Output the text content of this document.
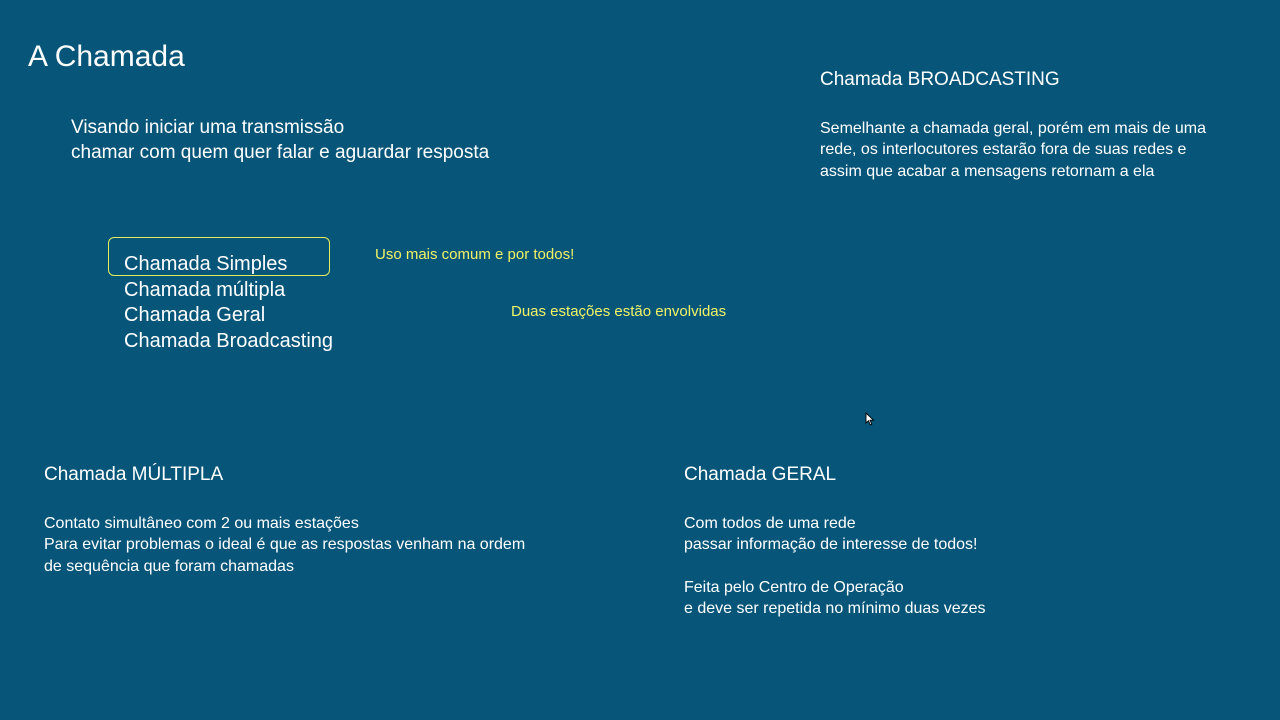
A Chamada
Visando iniciar uma transmissão
chamar com quem quer falar e aguardar resposta
Chamada Simples
Chamada múltipla
Chamada Geral
Chamada Broadcasting
Uso mais comum e por todos!
Duas estações estão envolvidas
Chamada BROADCASTING
Semelhante a chamada geral, porém em mais de uma
rede, os interlocutores estarão fora de suas redes e
assim que acabar a mensagens retornam a ela
Chamada MÚLTIPLA
Contato simultâneo com 2 ou mais estações
Para evitar problemas o ideal é que as respostas venham na ordem
de sequência que foram chamadas
Chamada GERAL
Com todos de uma rede
passar informação de interesse de todos!
Feita pelo Centro de Operação
e deve ser repetida no mínimo duas vezes
